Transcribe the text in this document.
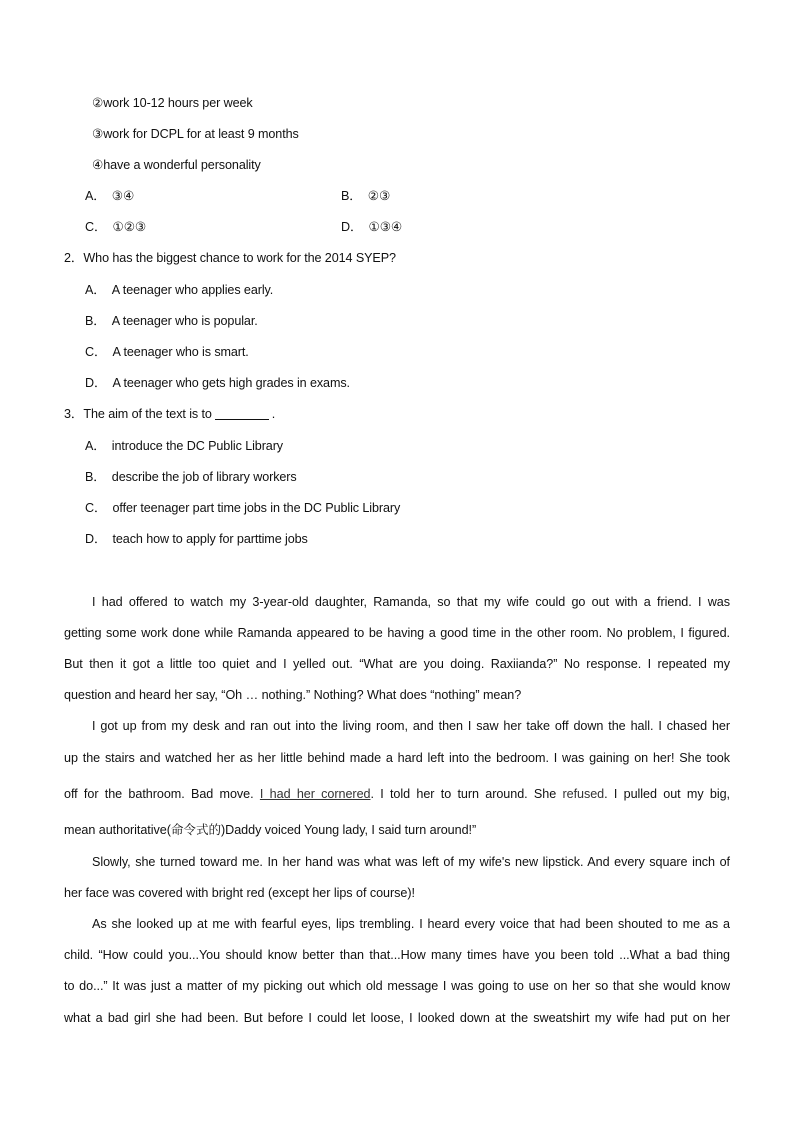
②work 10-12 hours per week
③work for DCPL for at least 9 months
④have a wonderful personality
A． ③④	B． ②③
C． ①②③	D． ①③④
2．Who has the biggest chance to work for the 2014 SYEP?
A． A teenager who applies early.
B． A teenager who is popular.
C． A teenager who is smart.
D． A teenager who gets high grades in exams.
3．The aim of the text is to	.
A． introduce the DC Public Library
B． describe the job of library workers
C． offer teenager part time jobs in the DC Public Library
D． teach how to apply for parttime jobs
I had offered to watch my 3-year-old daughter, Ramanda, so that my wife could go out with a friend. I was
getting some work done while Ramanda appeared to be having a good time in the other room. No problem, I figured.
But then it got a little too quiet and I yelled out. “What are you doing. Raxiianda?” No response. I repeated my
question and heard her say, “Oh … nothing.” Nothing? What does “nothing” mean?
I got up from my desk and ran out into the living room, and then I saw her take off down the hall. I chased her
up the stairs and watched her as her little behind made a hard left into the bedroom. I was gaining on her! She took
off for the bathroom. Bad move. I had her cornered. I told her to turn around. She refused. I pulled out my big,
mean authoritative(命令式的)Daddy voiced Young lady, I said turn around!”
Slowly, she turned toward me. In her hand was what was left of my wife's new lipstick. And every square inch of
her face was covered with bright red (except her lips of course)!
As she looked up at me with fearful eyes, lips trembling. I heard every voice that had been shouted to me as a
child. “How could you...You should know better than that...How many times have you been told ...What a bad thing
to do...” It was just a matter of my picking out which old message I was going to use on her so that she would know
what a bad girl she had been. But before I could let loose, I looked down at the sweatshirt my wife had put on her
